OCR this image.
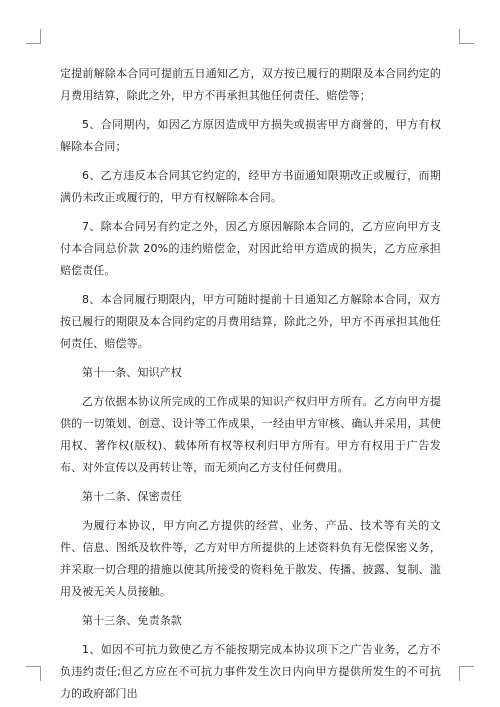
定提前解除本合同可提前五日通知乙方，双方按已履行的期限及本合同约定的月费用结算，除此之外，甲方不再承担其他任何责任、赔偿等；

5、合同期内，如因乙方原因造成甲方损失或损害甲方商誉的，甲方有权解除本合同；

6、乙方违反本合同其它约定的，经甲方书面通知限期改正或履行，而期满仍未改正或履行的，甲方有权解除本合同。

7、除本合同另有约定之外，因乙方原因解除本合同的，乙方应向甲方支付本合同总价款 20%的违约赔偿金，对因此给甲方造成的损失，乙方应承担赔偿责任。

8、本合同履行期限内，甲方可随时提前十日通知乙方解除本合同，双方按已履行的期限及本合同约定的月费用结算，除此之外，甲方不再承担其他任何责任、赔偿等。

第十一条、知识产权

乙方依据本协议所完成的工作成果的知识产权归甲方所有。乙方向甲方提供的一切策划、创意、设计等工作成果，一经由甲方审核、确认并采用，其使用权、著作权(版权)、载体所有权等权利归甲方所有。甲方有权用于广告发布、对外宣传以及再转让等，而无须向乙方支付任何费用。

第十二条、保密责任

为履行本协议，甲方向乙方提供的经营、业务、产品、技术等有关的文件、信息、图纸及软件等，乙方对甲方所提供的上述资料负有无偿保密义务，并采取一切合理的措施以使其所接受的资料免于散发、传播、披露、复制、滥用及被无关人员接触。

第十三条、免责条款

1、如因不可抗力致使乙方不能按期完成本协议项下之广告业务，乙方不负违约责任;但乙方应在不可抗力事件发生次日内向甲方提供所发生的不可抗力的政府部门出
